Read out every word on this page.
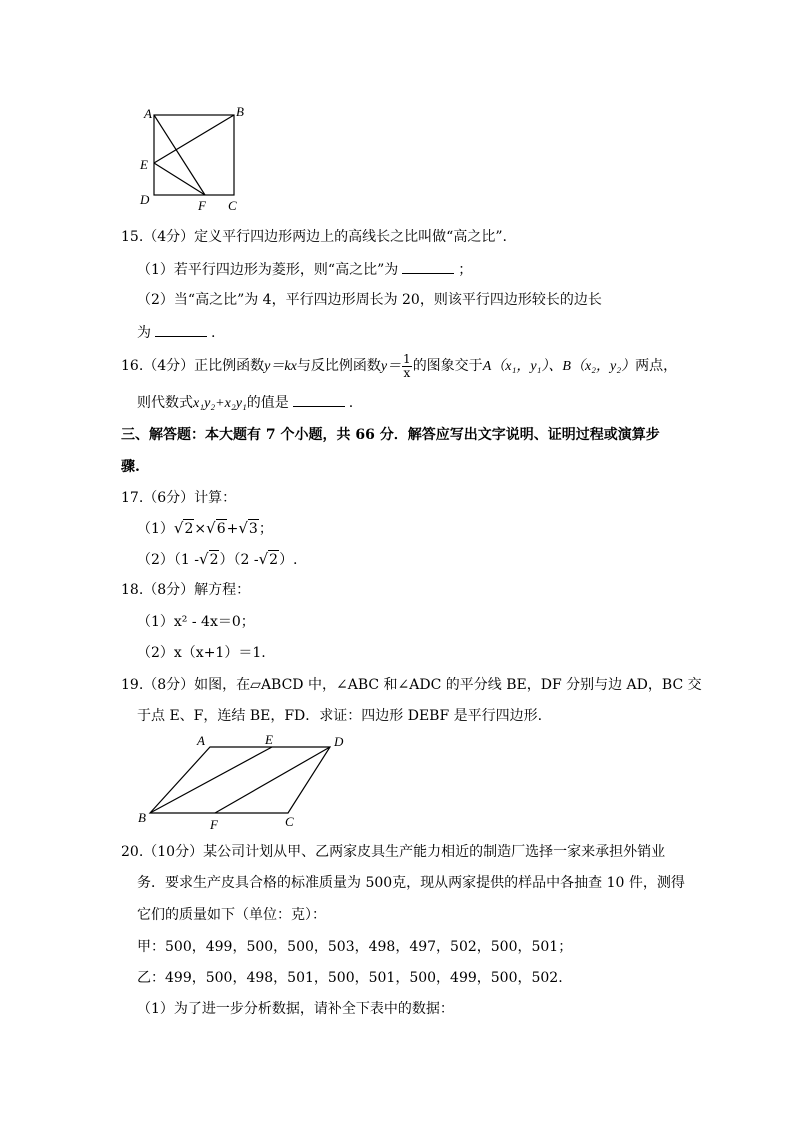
A	B
E
D	F C
15.（4分）定义平行四边形两边上的高线长之比叫做“高之比”.
（1）若平行四边形为菱形，则“高之比”为	；
（2）当“高之比”为 4，平行四边形周长为 20，则该平行四边形较长的边长
为	.
16.（4分）正比例函数y＝kx与反比例函数$y= \frac{1}{x}$ 的图象交于A（x₁，y₁）、B（x₂，y₂）两点，
则代数式x₁y₂+x₂y₁的值是	.
三、解答题：本大题有 7 个小题，共 66 分．解答应写出文字说明、证明过程或演算步
骤.
17.（6分）计算：
（1）√2×√6+√3；
（2）（1 -√2）（2 -√2）.
18.（8分）解方程：
（1）x² - 4x＝0；
（2）x（x+1）＝1.
19.（8分）如图，在▱ABCD 中，∠ABC 和∠ADC 的平分线 BE，DF 分别与边 AD，BC 交
于点 E、F，连结 BE，FD．求证：四边形 DEBF 是平行四边形.
A	E	D
B	F	C
20.（10分）某公司计划从甲、乙两家皮具生产能力相近的制造厂选择一家来承担外销业
务．要求生产皮具合格的标准质量为 500克，现从两家提供的样品中各抽查 10 件，测得
它们的质量如下（单位：克）：
甲：500，499，500，500，503，498，497，502，500，501；
乙：499，500，498，501，500，501，500，499，500，502.
（1）为了进一步分析数据，请补全下表中的数据：
